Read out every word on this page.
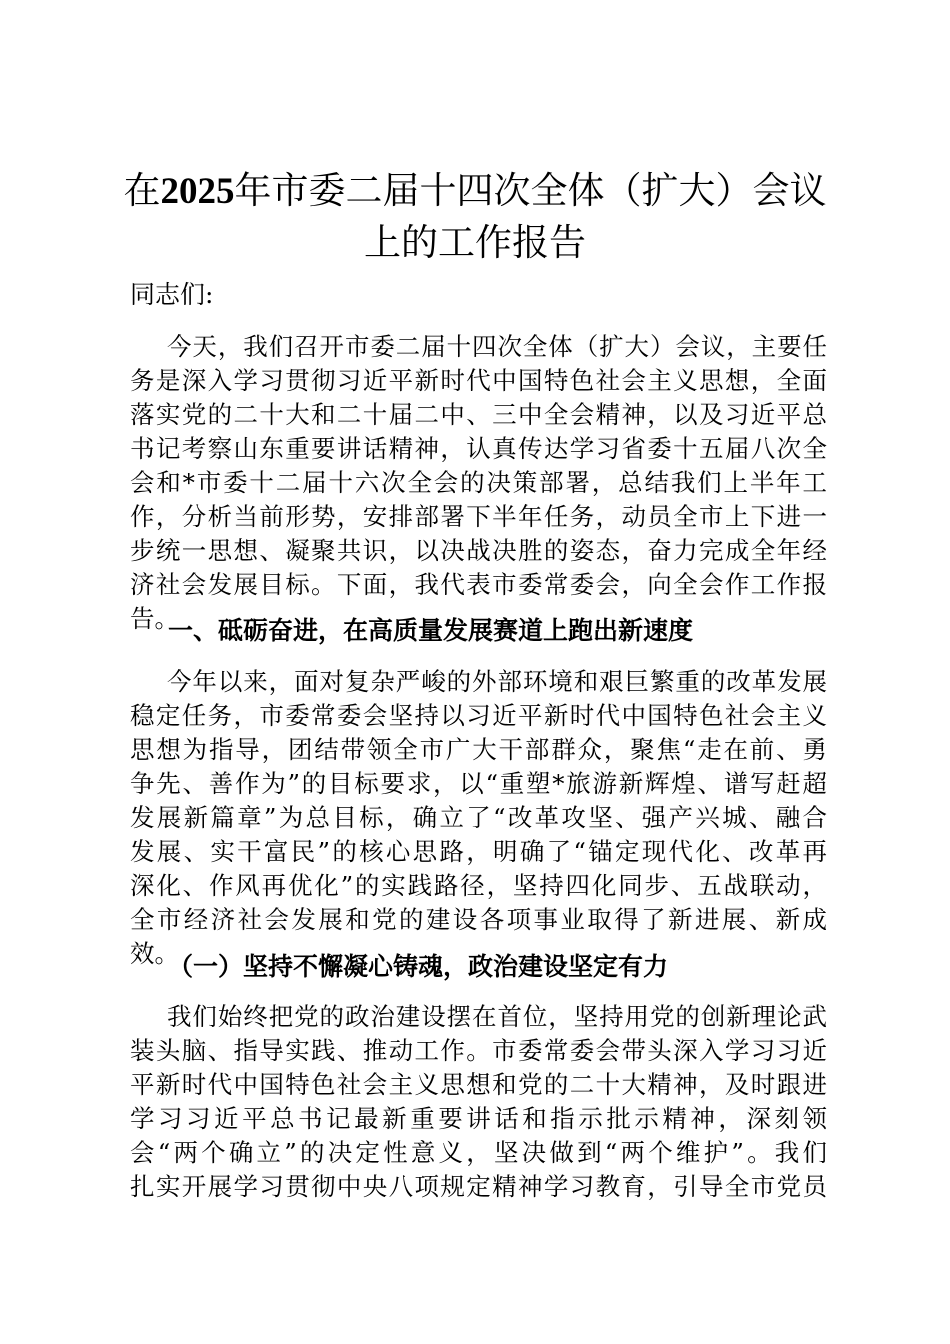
在2025年市委二届十四次全体（扩大）会议
上的工作报告

同志们:

今天，我们召开市委二届十四次全体（扩大）会议，主要任
务是深入学习贯彻习近平新时代中国特色社会主义思想，全面
落实党的二十大和二十届二中、三中全会精神，以及习近平总
书记考察山东重要讲话精神，认真传达学习省委十五届八次全
会和*市委十二届十六次全会的决策部署，总结我们上半年工
作，分析当前形势，安排部署下半年任务，动员全市上下进一
步统一思想、凝聚共识，以决战决胜的姿态，奋力完成全年经
济社会发展目标。下面，我代表市委常委会，向全会作工作报
告。
一、砥砺奋进，在高质量发展赛道上跑出新速度
今年以来，面对复杂严峻的外部环境和艰巨繁重的改革发展
稳定任务，市委常委会坚持以习近平新时代中国特色社会主义
思想为指导，团结带领全市广大干部群众，聚焦“走在前、勇
争先、善作为”的目标要求，以“重塑*旅游新辉煌、谱写赶超
发展新篇章”为总目标，确立了“改革攻坚、强产兴城、融合
发展、实干富民”的核心思路，明确了“锚定现代化、改革再
深化、作风再优化”的实践路径，坚持四化同步、五战联动，
全市经济社会发展和党的建设各项事业取得了新进展、新成
效。
（一）坚持不懈凝心铸魂，政治建设坚定有力
我们始终把党的政治建设摆在首位，坚持用党的创新理论武
装头脑、指导实践、推动工作。市委常委会带头深入学习习近
平新时代中国特色社会主义思想和党的二十大精神，及时跟进
学习习近平总书记最新重要讲话和指示批示精神，深刻领
会“两个确立”的决定性意义，坚决做到“两个维护”。我们
扎实开展学习贯彻中央八项规定精神学习教育，引导全市党员
